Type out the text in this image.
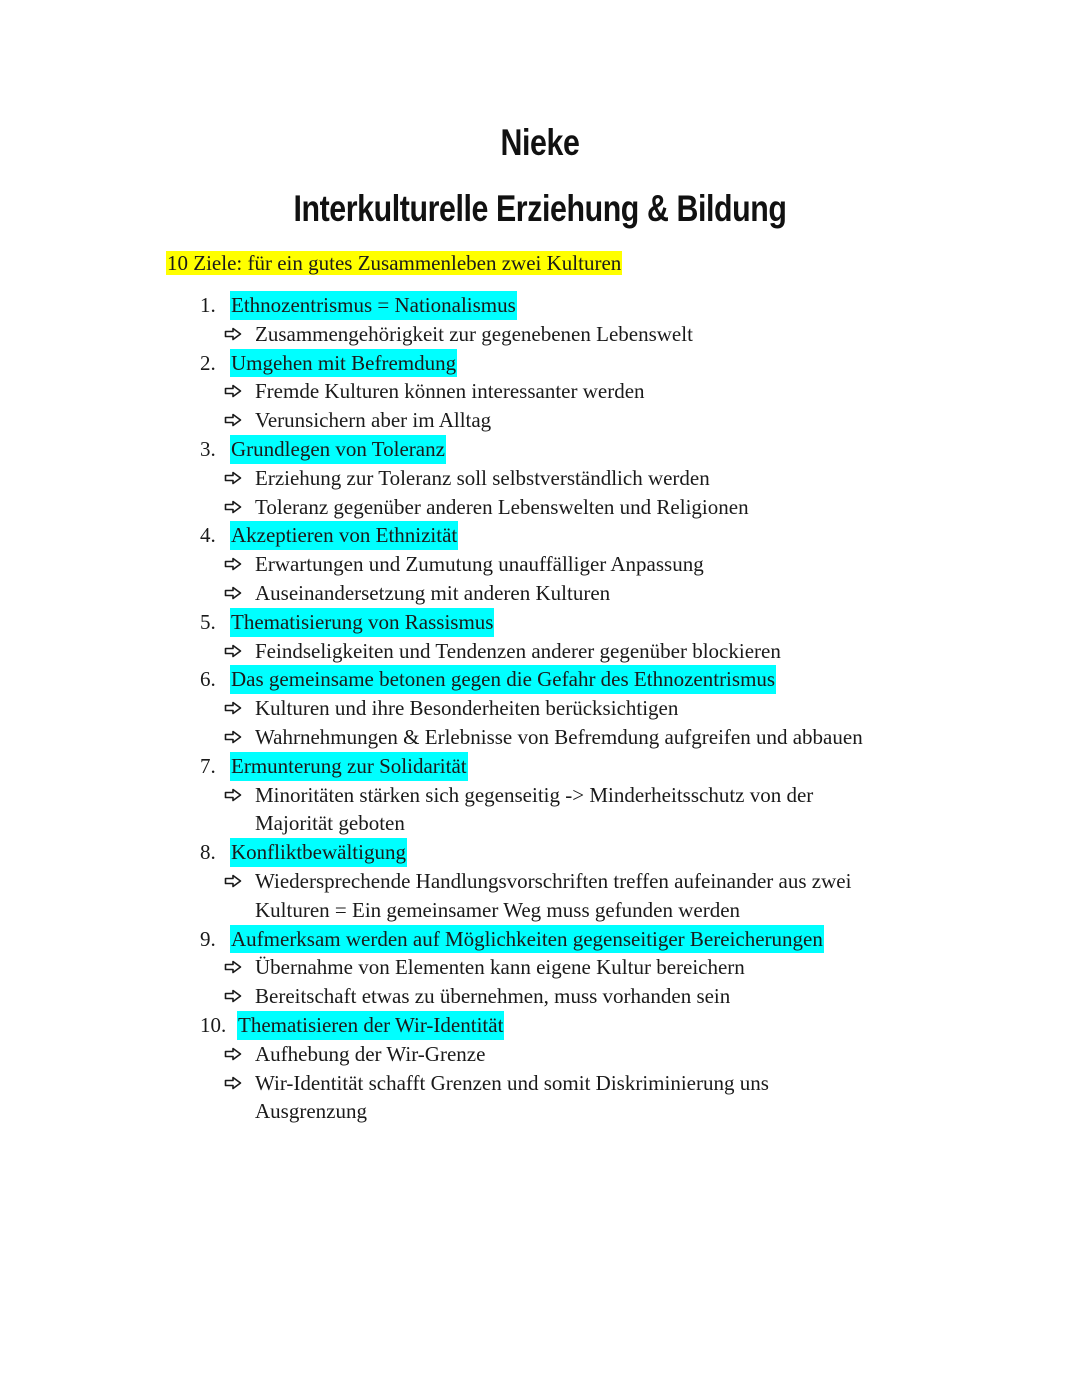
Nieke
Interkulturelle Erziehung & Bildung
10 Ziele: für ein gutes Zusammenleben zwei Kulturen
1. Ethnozentrismus = Nationalismus
Zusammengehörigkeit zur gegenebenen Lebenswelt
2. Umgehen mit Befremdung
Fremde Kulturen können interessanter werden
Verunsichern aber im Alltag
3. Grundlegen von Toleranz
Erziehung zur Toleranz soll selbstverständlich werden
Toleranz gegenüber anderen Lebenswelten und Religionen
4. Akzeptieren von Ethnizität
Erwartungen und Zumutung unauffälliger Anpassung
Auseinandersetzung mit anderen Kulturen
5. Thematisierung von Rassismus
Feindseligkeiten und Tendenzen anderer gegenüber blockieren
6. Das gemeinsame betonen gegen die Gefahr des Ethnozentrismus
Kulturen und ihre Besonderheiten berücksichtigen
Wahrnehmungen & Erlebnisse von Befremdung aufgreifen und abbauen
7. Ermunterung zur Solidarität
Minoritäten stärken sich gegenseitig -> Minderheitsschutz von der Majorität geboten
8. Konfliktbewältigung
Wiedersprechende Handlungsvorschriften treffen aufeinander aus zwei Kulturen = Ein gemeinsamer Weg muss gefunden werden
9. Aufmerksam werden auf Möglichkeiten gegenseitiger Bereicherungen
Übernahme von Elementen kann eigene Kultur bereichern
Bereitschaft etwas zu übernehmen, muss vorhanden sein
10. Thematisieren der Wir-Identität
Aufhebung der Wir-Grenze
Wir-Identität schafft Grenzen und somit Diskriminierung uns Ausgrenzung
